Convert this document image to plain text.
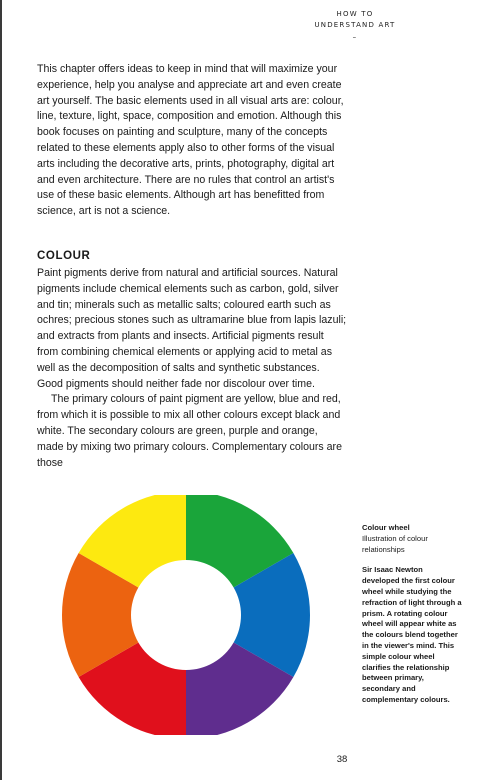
HOW TO
UNDERSTAND ART
–

This chapter offers ideas to keep in mind that will maximize your experience, help you analyse and appreciate art and even create art yourself. The basic elements used in all visual arts are: colour, line, texture, light, space, composition and emotion. Although this book focuses on painting and sculpture, many of the concepts related to these elements apply also to other forms of the visual arts including the decorative arts, prints, photography, digital art and even architecture. There are no rules that control an artist's use of these basic elements. Although art has benefitted from science, art is not a science.

COLOUR

Paint pigments derive from natural and artificial sources. Natural pigments include chemical elements such as carbon, gold, silver and tin; minerals such as metallic salts; coloured earth such as ochres; precious stones such as ultramarine blue from lapis lazuli; and extracts from plants and insects. Artificial pigments result from combining chemical elements or applying acid to metal as well as the decomposition of salts and synthetic substances. Good pigments should neither fade nor discolour over time.

The primary colours of paint pigment are yellow, blue and red, from which it is possible to mix all other colours except black and white. The secondary colours are green, purple and orange, made by mixing two primary colours. Complementary colours are those

Colour wheel

Illustration of colour relationships

Sir Isaac Newton developed the first colour wheel while studying the refraction of light through a prism. A rotating colour wheel will appear white as the colours blend together in the viewer's mind. This simple colour wheel clarifies the relationship between primary, secondary and complementary colours.

38
